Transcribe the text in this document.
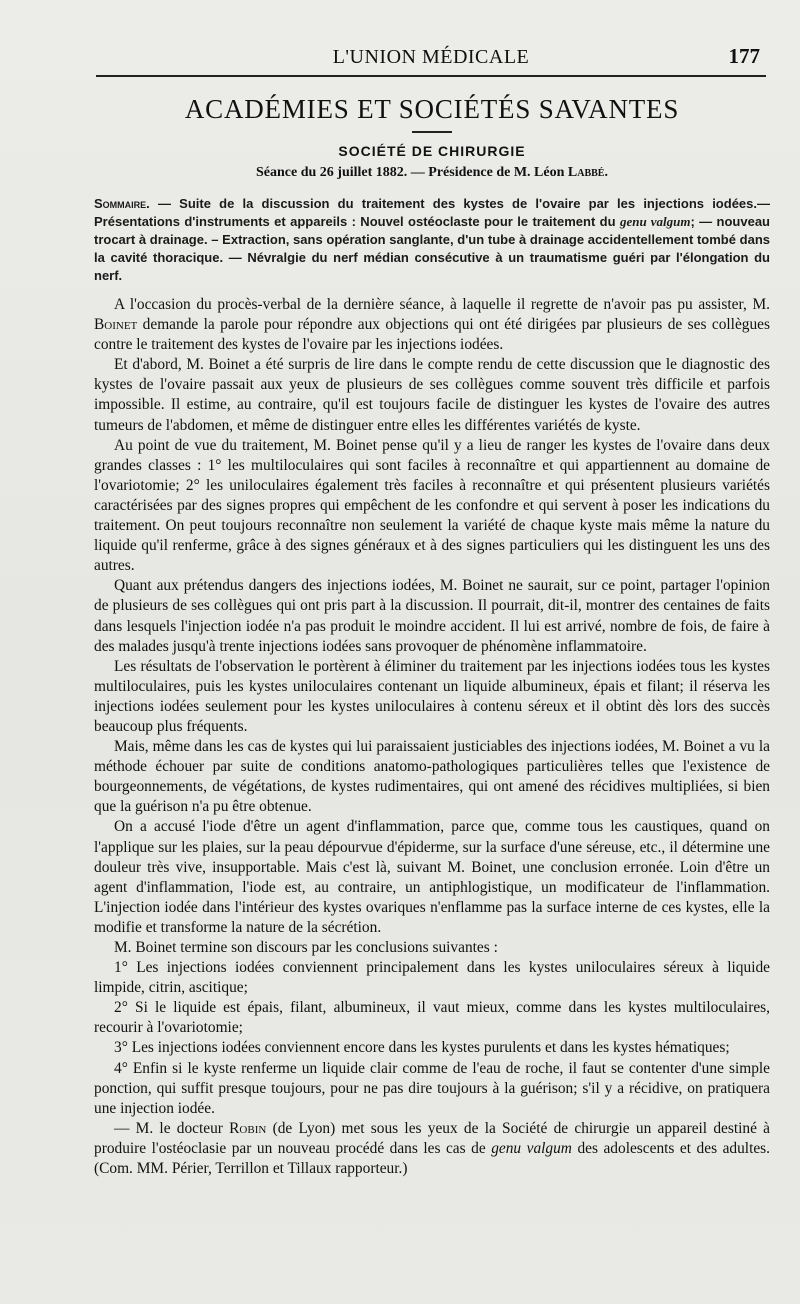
L'UNION MÉDICALE	177
ACADÉMIES ET SOCIÉTÉS SAVANTES
SOCIÉTÉ DE CHIRURGIE
Séance du 26 juillet 1882. — Présidence de M. Léon Labbé.
Sommaire. — Suite de la discussion du traitement des kystes de l'ovaire par les injections iodées.— Présentations d'instruments et appareils : Nouvel ostéoclaste pour le traitement du genu valgum; — nouveau trocart à drainage. – Extraction, sans opération sanglante, d'un tube à drainage accidentellement tombé dans la cavité thoracique. — Névralgie du nerf médian consécutive à un traumatisme guéri par l'élongation du nerf.

A l'occasion du procès-verbal de la dernière séance, à laquelle il regrette de n'avoir pas pu assister, M. Boinet demande la parole pour répondre aux objections qui ont été dirigées par plusieurs de ses collègues contre le traitement des kystes de l'ovaire par les injections iodées.

Et d'abord, M. Boinet a été surpris de lire dans le compte rendu de cette discussion que le diagnostic des kystes de l'ovaire passait aux yeux de plusieurs de ses collègues comme souvent très difficile et parfois impossible. Il estime, au contraire, qu'il est toujours facile de distinguer les kystes de l'ovaire des autres tumeurs de l'abdomen, et même de distinguer entre elles les différentes variétés de kyste.

Au point de vue du traitement, M. Boinet pense qu'il y a lieu de ranger les kystes de l'ovaire dans deux grandes classes : 1° les multiloculaires qui sont faciles à reconnaître et qui appartiennent au domaine de l'ovariotomie; 2° les uniloculaires également très faciles à reconnaître et qui présentent plusieurs variétés caractérisées par des signes propres qui empêchent de les confondre et qui servent à poser les indications du traitement. On peut toujours reconnaître non seulement la variété de chaque kyste mais même la nature du liquide qu'il renferme, grâce à des signes généraux et à des signes particuliers qui les distinguent les uns des autres.

Quant aux prétendus dangers des injections iodées, M. Boinet ne saurait, sur ce point, partager l'opinion de plusieurs de ses collègues qui ont pris part à la discussion. Il pourrait, dit-il, montrer des centaines de faits dans lesquels l'injection iodée n'a pas produit le moindre accident. Il lui est arrivé, nombre de fois, de faire à des malades jusqu'à trente injections iodées sans provoquer de phénomène inflammatoire.

Les résultats de l'observation le portèrent à éliminer du traitement par les injections iodées tous les kystes multiloculaires, puis les kystes uniloculaires contenant un liquide albumineux, épais et filant; il réserva les injections iodées seulement pour les kystes uniloculaires à contenu séreux et il obtint dès lors des succès beaucoup plus fréquents.

Mais, même dans les cas de kystes qui lui paraissaient justiciables des injections iodées, M. Boinet a vu la méthode échouer par suite de conditions anatomo-pathologiques particulières telles que l'existence de bourgeonnements, de végétations, de kystes rudimentaires, qui ont amené des récidives multipliées, si bien que la guérison n'a pu être obtenue.

On a accusé l'iode d'être un agent d'inflammation, parce que, comme tous les caustiques, quand on l'applique sur les plaies, sur la peau dépourvue d'épiderme, sur la surface d'une séreuse, etc., il détermine une douleur très vive, insupportable. Mais c'est là, suivant M. Boinet, une conclusion erronée. Loin d'être un agent d'inflammation, l'iode est, au contraire, un antiphlogistique, un modificateur de l'inflammation. L'injection iodée dans l'intérieur des kystes ovariques n'enflamme pas la surface interne de ces kystes, elle la modifie et transforme la nature de la sécrétion.

M. Boinet termine son discours par les conclusions suivantes :

1° Les injections iodées conviennent principalement dans les kystes uniloculaires séreux à liquide limpide, citrin, ascitique;

2° Si le liquide est épais, filant, albumineux, il vaut mieux, comme dans les kystes multiloculaires, recourir à l'ovariotomie;

3° Les injections iodées conviennent encore dans les kystes purulents et dans les kystes hématiques;

4° Enfin si le kyste renferme un liquide clair comme de l'eau de roche, il faut se contenter d'une simple ponction, qui suffit presque toujours, pour ne pas dire toujours à la guérison; s'il y a récidive, on pratiquera une injection iodée.

— M. le docteur Robin (de Lyon) met sous les yeux de la Société de chirurgie un appareil destiné à produire l'ostéoclasie par un nouveau procédé dans les cas de genu valgum des adolescents et des adultes. (Com. MM. Périer, Terrillon et Tillaux rapporteur.)
